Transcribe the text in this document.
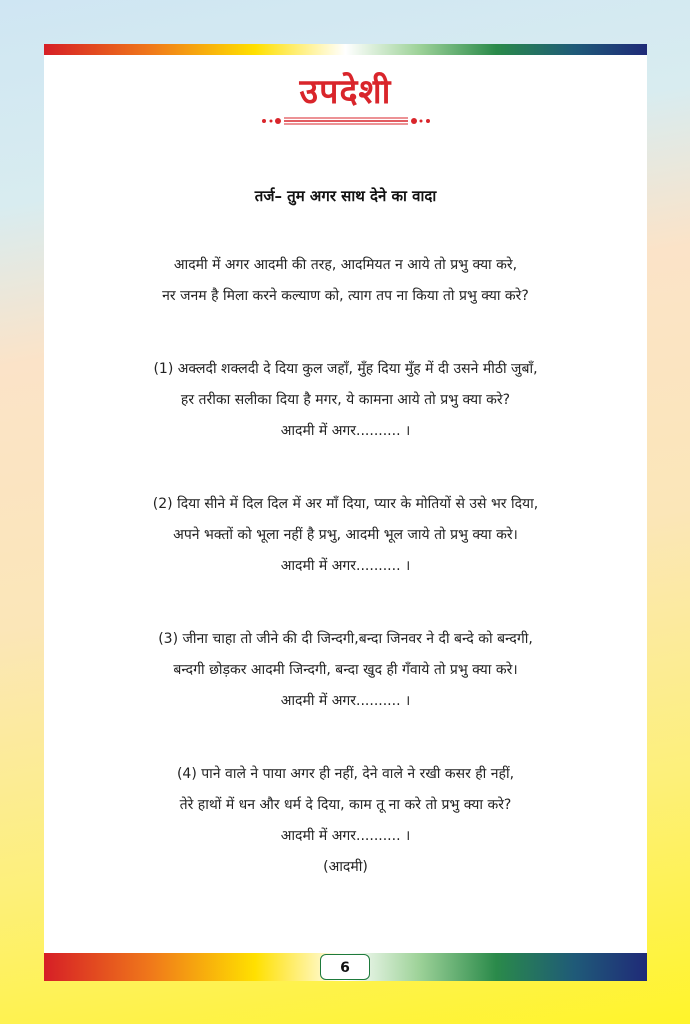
उपदेशी
तर्ज– तुम अगर साथ देने का वादा
आदमी में अगर आदमी की तरह, आदमियत न आये तो प्रभु क्या करे,
नर जनम है मिला करने कल्याण को, त्याग तप ना किया तो प्रभु क्या करे?
(1) अक्लदी शक्लदी दे दिया कुल जहाँ, मुँह दिया मुँह में दी उसने मीठी जुबाँ,
हर तरीका सलीका दिया है मगर, ये कामना आये तो प्रभु क्या करे?
आदमी में अगर.......... ।
(2) दिया सीने में दिल दिल में अर माँ दिया, प्यार के मोतियों से उसे भर दिया,
अपने भक्तों को भूला नहीं है प्रभु, आदमी भूल जाये तो प्रभु क्या करे।
आदमी में अगर.......... ।
(3) जीना चाहा तो जीने की दी जिन्दगी,बन्दा जिनवर ने दी बन्दे को बन्दगी,
बन्दगी छोड़कर आदमी जिन्दगी, बन्दा खुद ही गँवाये तो प्रभु क्या करे।
आदमी में अगर.......... ।
(4) पाने वाले ने पाया अगर ही नहीं, देने वाले ने रखी कसर ही नहीं,
तेरे हाथों में धन और धर्म दे दिया, काम तू ना करे तो प्रभु क्या करे?
आदमी में अगर.......... ।
(आदमी)
6
